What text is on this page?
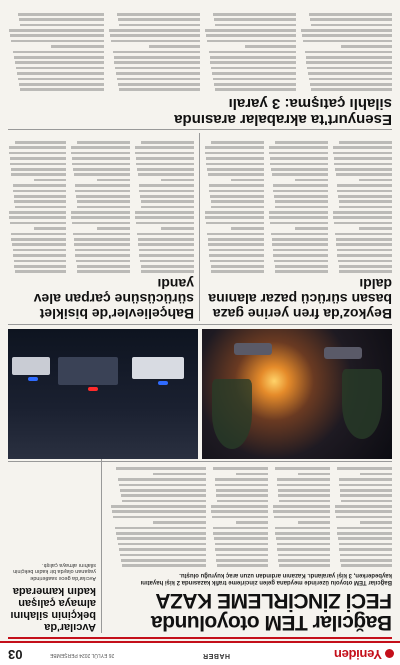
Yeniden
HABER
26 EYLÜL 2024 PERŞEMBE
03
Bağcılar TEM otoyolunda FECİ ZİNCİRLEME KAZA
Bağcılar TEM otoyolu üzerinde meydana gelen zincirleme trafik kazasında 2 kişi hayatını kaybederken, 3 kişi yaralandı. Kazanın ardından uzun araç kuyruğu oluştu.
Avcılar'da bekçinin silahını almaya çalışan kadın kamerada
Avcılar'da gece saatlerinde yaşanan olayda bir kadın bekçinin silahını almaya çalıştı.
Beykoz'da fren yerine gaza basan sürücü pazar alanına daldı
Bahçelievler'de bisiklet sürücüsüne çarpan alev yandı
Esenyurt'ta akrabalar arasında
silahlı çatışma: 3 yaralı
